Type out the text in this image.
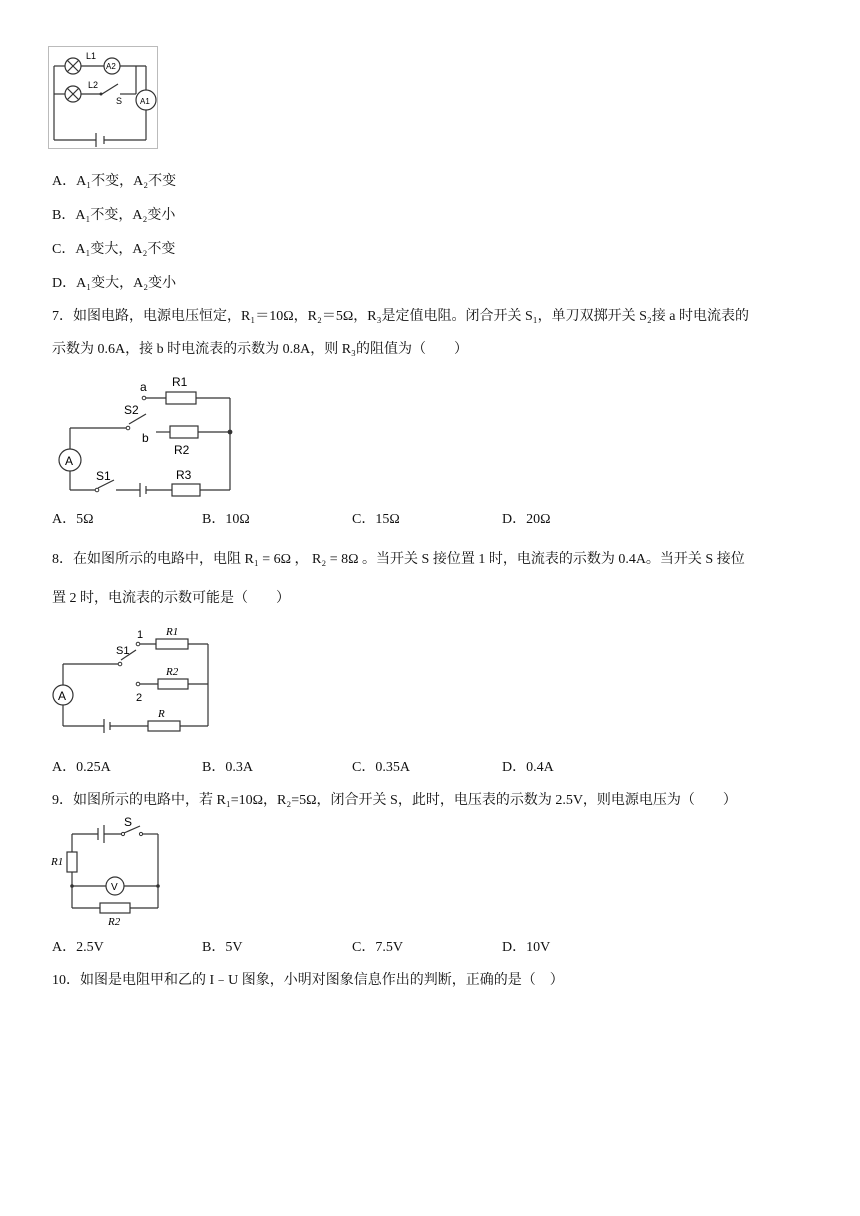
L1
A2
L2
S A1
A．A₁不变，A₂不变
B．A₁不变，A₂变小
C．A₁变大，A₂不变
D．A₁变大，A₂变小
7．如图电路，电源电压恒定，R₁＝10Ω，R₂＝5Ω，R₃是定值电阻。闭合开关 S₁，单刀双掷开关 S₂接 a 时电流表的
示数为 0.6A，接 b 时电流表的示数为 0.8A，则 R₃的阻值为（　　）
A
a
b
S2
S1
R1
R2
R3
A．5Ω	B．10Ω	C．15Ω	D．20Ω
8．在如图所示的电路中，电阻 R₁ = 6Ω ， R₂ = 8Ω 。当开关 S 接位置 1 时，电流表的示数为 0.4A。当开关 S 接位
置 2 时，电流表的示数可能是（　　）
A
1
2
S1
R1
R2
R
A．0.25A	B．0.3A	C．0.35A	D．0.4A
9．如图所示的电路中，若 R₁=10Ω，R₂=5Ω，闭合开关 S，此时，电压表的示数为 2.5V，则电源电压为（　　）
S
R1
V
R2
A．2.5V	B．5V	C．7.5V	D．10V
10．如图是电阻甲和乙的 I﹣U 图象，小明对图象信息作出的判断，正确的是（　）
